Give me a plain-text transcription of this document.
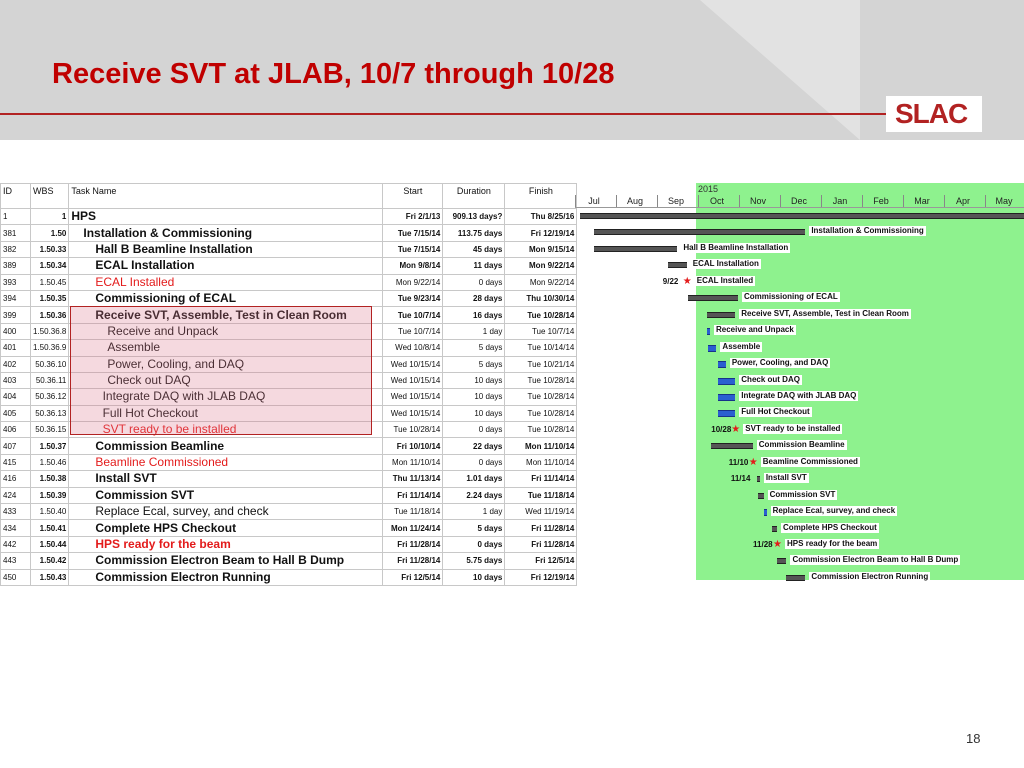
Receive SVT at JLAB, 10/7 through 10/28
SLAC
ID	WBS	Task Name	Start	Duration	Finish
1	1	HPS	Fri 2/1/13	909.13 days?	Thu 8/25/16
381	1.50	Installation & Commissioning	Tue 7/15/14	113.75 days	Fri 12/19/14
382	1.50.33	Hall B Beamline Installation	Tue 7/15/14	45 days	Mon 9/15/14
389	1.50.34	ECAL Installation	Mon 9/8/14	11 days	Mon 9/22/14
393	1.50.45	ECAL Installed	Mon 9/22/14	0 days	Mon 9/22/14
394	1.50.35	Commissioning of ECAL	Tue 9/23/14	28 days	Thu 10/30/14
399	1.50.36	Receive SVT, Assemble, Test in Clean Room	Tue 10/7/14	16 days	Tue 10/28/14
400	1.50.36.8	Receive and Unpack	Tue 10/7/14	1 day	Tue 10/7/14
401	1.50.36.9	Assemble	Wed 10/8/14	5 days	Tue 10/14/14
402	50.36.10	Power, Cooling, and DAQ	Wed 10/15/14	5 days	Tue 10/21/14
403	50.36.11	Check out DAQ	Wed 10/15/14	10 days	Tue 10/28/14
404	50.36.12	Integrate DAQ with JLAB DAQ	Wed 10/15/14	10 days	Tue 10/28/14
405	50.36.13	Full Hot Checkout	Wed 10/15/14	10 days	Tue 10/28/14
406	50.36.15	SVT ready to be installed	Tue 10/28/14	0 days	Tue 10/28/14
407	1.50.37	Commission Beamline	Fri 10/10/14	22 days	Mon 11/10/14
415	1.50.46	Beamline Commissioned	Mon 11/10/14	0 days	Mon 11/10/14
416	1.50.38	Install SVT	Thu 11/13/14	1.01 days	Fri 11/14/14
424	1.50.39	Commission SVT	Fri 11/14/14	2.24 days	Tue 11/18/14
433	1.50.40	Replace Ecal, survey, and check	Tue 11/18/14	1 day	Wed 11/19/14
434	1.50.41	Complete HPS Checkout	Mon 11/24/14	5 days	Fri 11/28/14
442	1.50.44	HPS ready for the beam	Fri 11/28/14	0 days	Fri 11/28/14
443	1.50.42	Commission Electron Beam to Hall B Dump	Fri 11/28/14	5.75 days	Fri 12/5/14
450	1.50.43	Commission Electron Running	Fri 12/5/14	10 days	Fri 12/19/14
2015
Jul	Aug	Sep	Oct	Nov	Dec	Jan	Feb	Mar	Apr	May
Installation & Commissioning
Hall B Beamline Installation
ECAL Installation
9/22 ★ ECAL Installed
Commissioning of ECAL
Receive SVT, Assemble, Test in Clean Room
Receive and Unpack
Assemble
Power, Cooling, and DAQ
Check out DAQ
Integrate DAQ with JLAB DAQ
Full Hot Checkout
10/28 ★ SVT ready to be installed
Commission Beamline
11/10 ★ Beamline Commissioned
11/14 Install SVT
Commission SVT
Replace Ecal, survey, and check
Complete HPS Checkout
11/28 ★ HPS ready for the beam
Commission Electron Beam to Hall B Dump
Commission Electron Running
18
